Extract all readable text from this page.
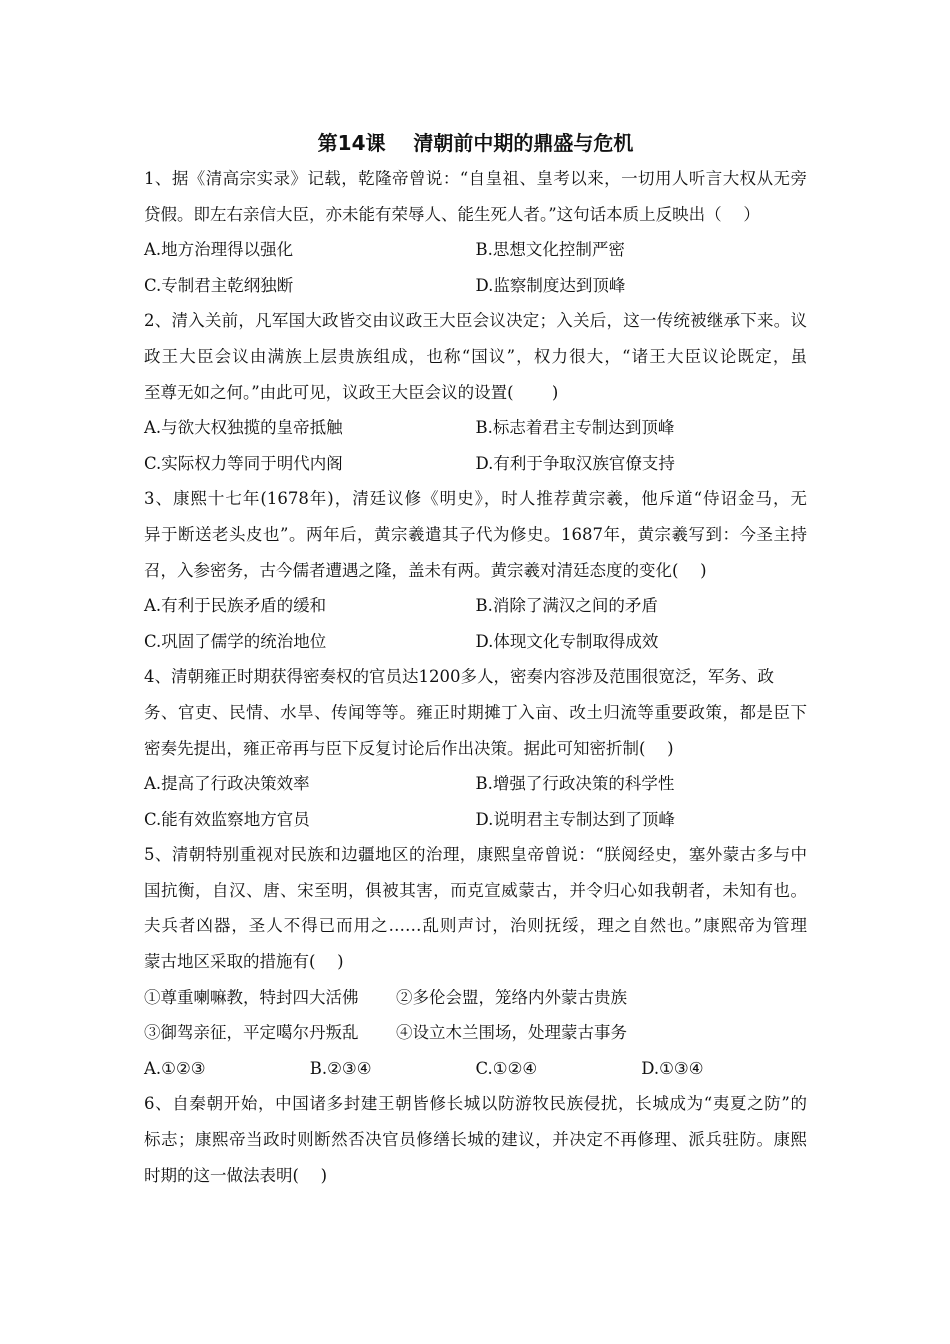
第14课    清朝前中期的鼎盛与危机
1、据《清高宗实录》记载，乾隆帝曾说：“自皇祖、皇考以来，一切用人听言大权从无旁
贷假。即左右亲信大臣，亦未能有荣辱人、能生死人者。”这句话本质上反映出（　 ）
A.地方治理得以强化	B.思想文化控制严密
C.专制君主乾纲独断	D.监察制度达到顶峰
2、清入关前，凡军国大政皆交由议政王大臣会议决定；入关后，这一传统被继承下来。议
政王大臣会议由满族上层贵族组成，也称“国议”，权力很大，“诸王大臣议论既定，虽
至尊无如之何。”由此可见，议政王大臣会议的设置(　 　)
A.与欲大权独揽的皇帝抵触	B.标志着君主专制达到顶峰
C.实际权力等同于明代内阁	D.有利于争取汉族官僚支持
3、康熙十七年(1678年)，清廷议修《明史》，时人推荐黄宗羲，他斥道“侍诏金马，无
异于断送老头皮也”。两年后，黄宗羲遣其子代为修史。1687年，黄宗羲写到：今圣主持
召，入参密务，古今儒者遭遇之隆，盖未有两。黄宗羲对清廷态度的变化(　 )
A.有利于民族矛盾的缓和	B.消除了满汉之间的矛盾
C.巩固了儒学的统治地位	D.体现文化专制取得成效
4、清朝雍正时期获得密奏权的官员达1200多人，密奏内容涉及范围很宽泛，军务、政
务、官吏、民情、水旱、传闻等等。雍正时期摊丁入亩、改土归流等重要政策，都是臣下
密奏先提出，雍正帝再与臣下反复讨论后作出决策。据此可知密折制(　 )
A.提高了行政决策效率	B.增强了行政决策的科学性
C.能有效监察地方官员	D.说明君主专制达到了顶峰
5、清朝特别重视对民族和边疆地区的治理，康熙皇帝曾说：“朕阅经史，塞外蒙古多与中
国抗衡，自汉、唐、宋至明，俱被其害，而克宣威蒙古，并令归心如我朝者，未知有也。
夫兵者凶器，圣人不得已而用之……乱则声讨，治则抚绥，理之自然也。”康熙帝为管理
蒙古地区采取的措施有(　 )
①尊重喇嘛教，特封四大活佛	②多伦会盟，笼络内外蒙古贵族
③御驾亲征，平定噶尔丹叛乱	④设立木兰围场，处理蒙古事务
A.①②③	B.②③④	C.①②④	D.①③④
6、自秦朝开始，中国诸多封建王朝皆修长城以防游牧民族侵扰，长城成为“夷夏之防”的
标志；康熙帝当政时则断然否决官员修缮长城的建议，并决定不再修理、派兵驻防。康熙
时期的这一做法表明(　 )
